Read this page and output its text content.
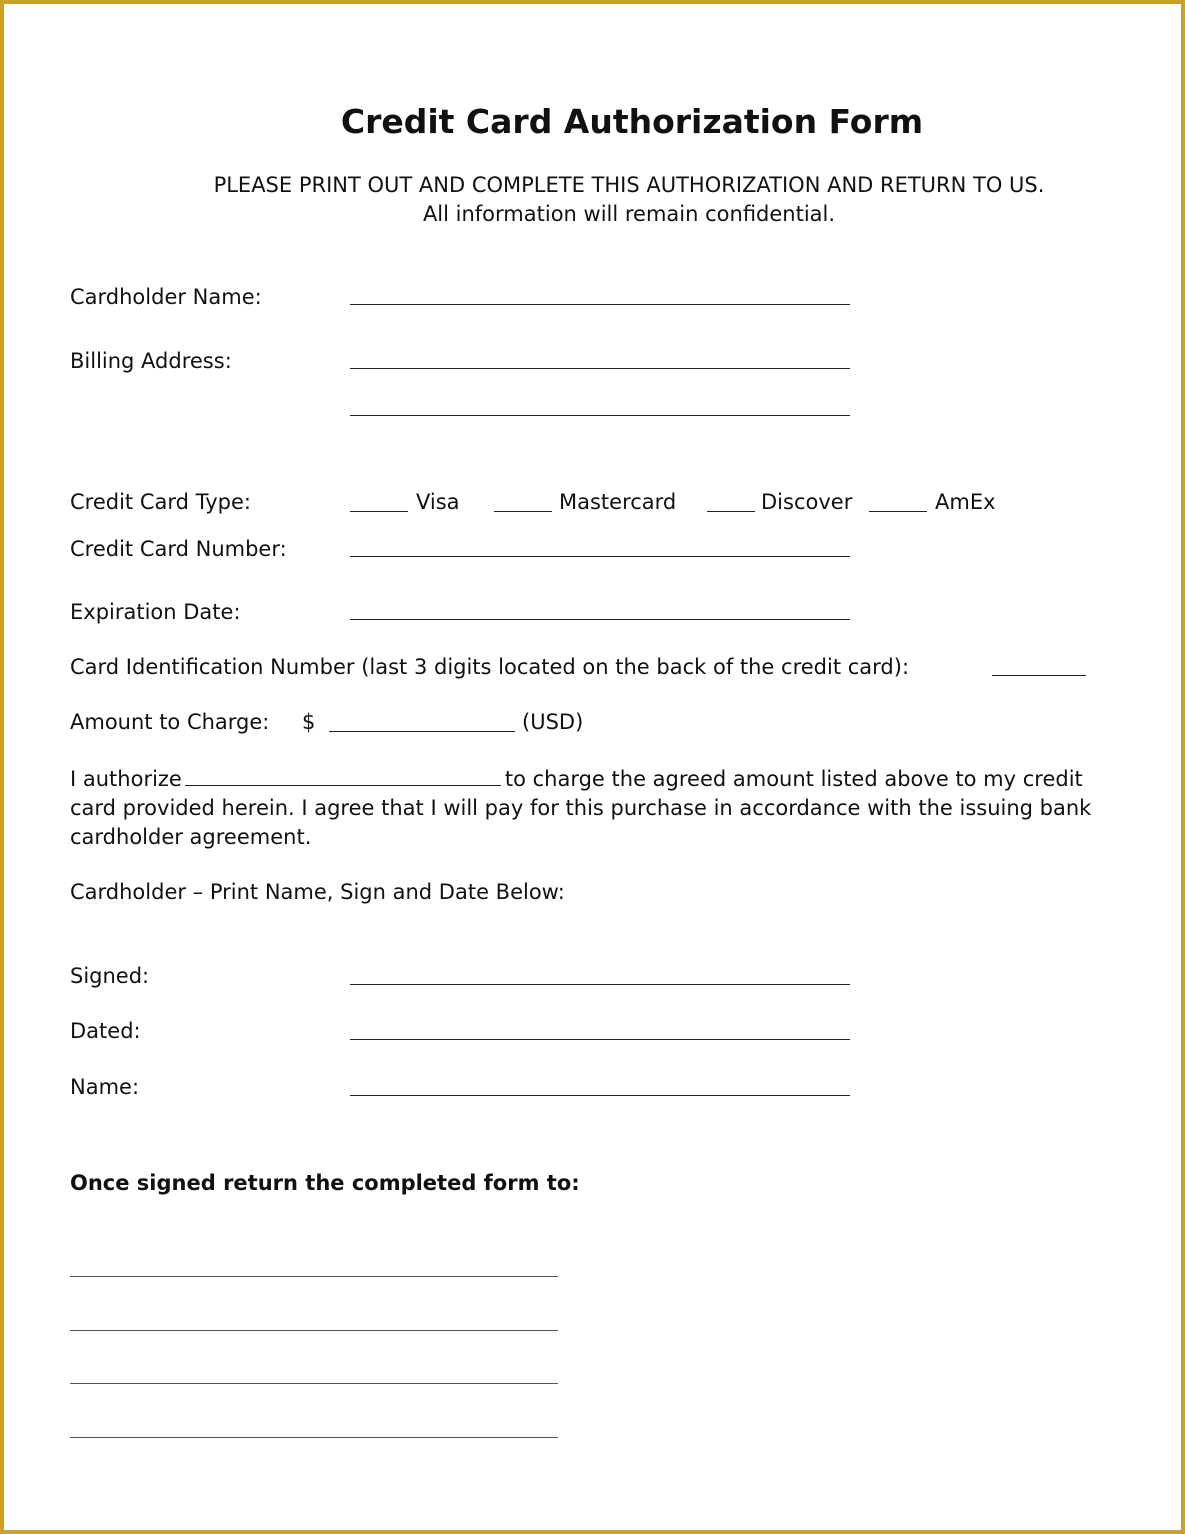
Credit Card Authorization Form
PLEASE PRINT OUT AND COMPLETE THIS AUTHORIZATION AND RETURN TO US.
All information will remain confidential.
Cardholder Name:
Billing Address:
Credit Card Type:	Visa	Mastercard	Discover	AmEx
Credit Card Number:
Expiration Date:
Card Identification Number (last 3 digits located on the back of the credit card):
Amount to Charge: $	(USD)
I authorize	to charge the agreed amount listed above to my credit card provided herein. I agree that I will pay for this purchase in accordance with the issuing bank cardholder agreement.
Cardholder – Print Name, Sign and Date Below:
Signed:
Dated:
Name:
Once signed return the completed form to:
